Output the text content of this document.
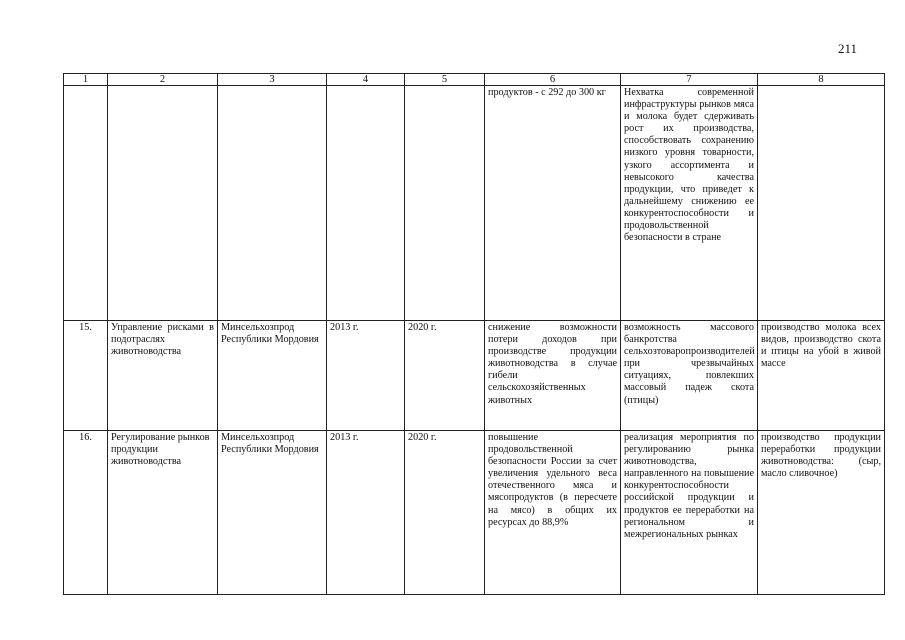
211
1	2	3	4	5	6	7	8
					продуктов - с 292 до 300 кг	Нехватка современной инфраструктуры рынков мяса и молока будет сдерживать рост их производства, способствовать сохранению низкого уровня товарности, узкого ассортимента и невысокого качества продукции, что приведет к дальнейшему снижению ее конкурентоспособности и продовольственной безопасности в стране	
15.	Управление рисками в подотраслях животноводства	Минсельхозпрод Республики Мордовия	2013 г.	2020 г.	снижение возможности потери доходов при производстве продукции животноводства в случае гибели сельскохозяйственных животных	возможность массового банкротства сельхозтоваропроизводителей при чрезвычайных ситуациях, повлекших массовый падеж скота (птицы)	производство молока всех видов, производство скота и птицы на убой в живой массе
16.	Регулирование рынков продукции животноводства	Минсельхозпрод Республики Мордовия	2013 г.	2020 г.	повышение продовольственной безопасности России за счет увеличения удельного веса отечественного мяса и мясопродуктов (в пересчете на мясо) в общих их ресурсах до 88,9%	реализация мероприятия по регулированию рынка животноводства, направленного на повышение конкурентоспособности российской продукции и продуктов ее переработки на региональном и межрегиональных рынках	производство продукции переработки продукции животноводства: (сыр, масло сливочное)
